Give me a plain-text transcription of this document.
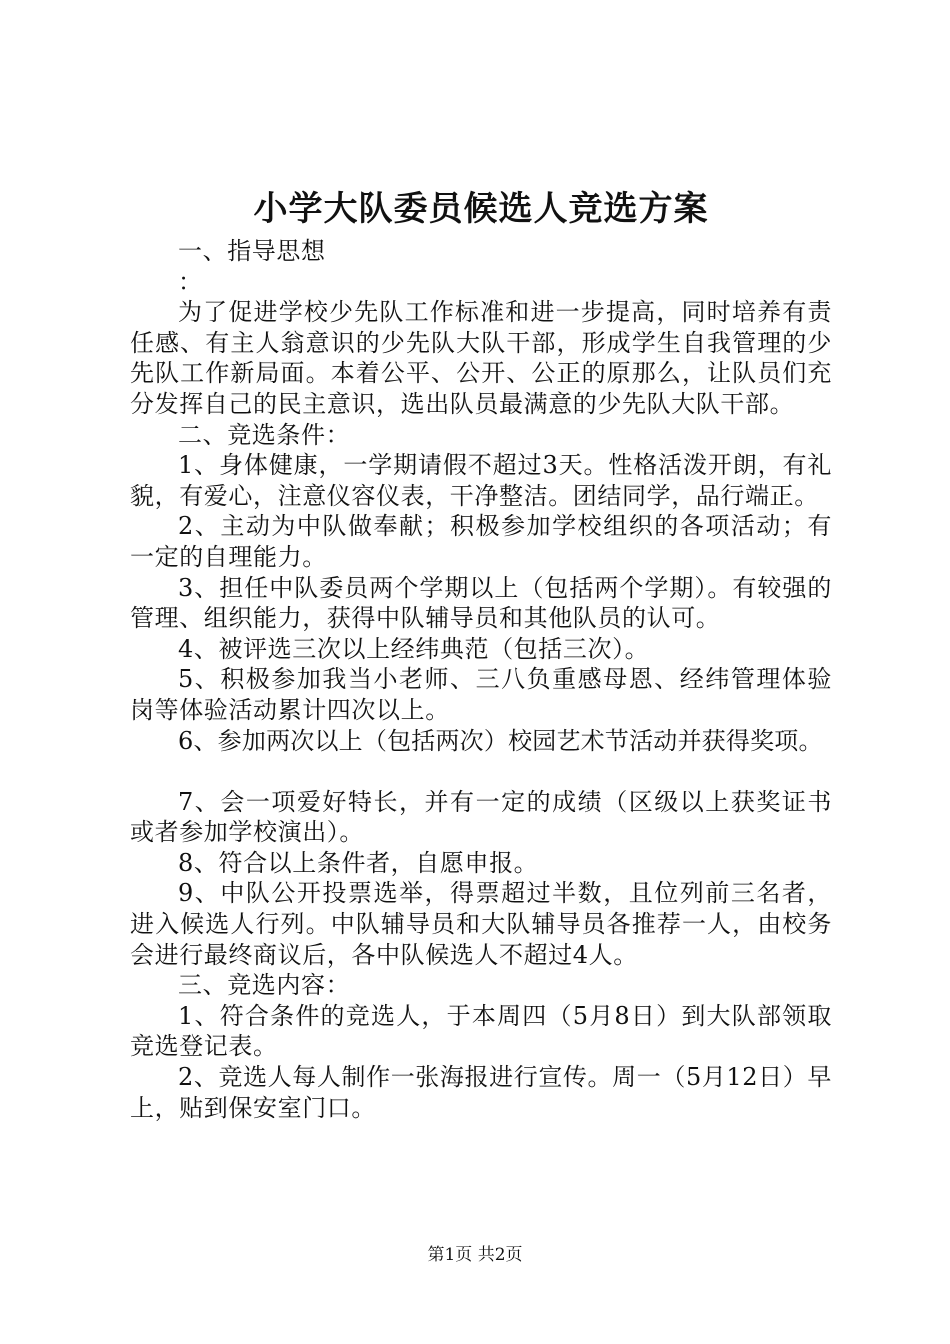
小学大队委员候选人竞选方案

一、指导思想

：

为了促进学校少先队工作标准和进一步提高，同时培养有责任感、有主人翁意识的少先队大队干部，形成学生自我管理的少先队工作新局面。本着公平、公开、公正的原那么，让队员们充分发挥自己的民主意识，选出队员最满意的少先队大队干部。

二、竞选条件：

1、身体健康，一学期请假不超过3天。性格活泼开朗，有礼貌，有爱心，注意仪容仪表，干净整洁。团结同学，品行端正。

2、主动为中队做奉献；积极参加学校组织的各项活动；有一定的自理能力。

3、担任中队委员两个学期以上（包括两个学期）。有较强的管理、组织能力，获得中队辅导员和其他队员的认可。

4、被评选三次以上经纬典范（包括三次）。

5、积极参加我当小老师、三八负重感母恩、经纬管理体验岗等体验活动累计四次以上。

6、参加两次以上（包括两次）校园艺术节活动并获得奖项。

7、会一项爱好特长，并有一定的成绩（区级以上获奖证书或者参加学校演出）。

8、符合以上条件者，自愿申报。

9、中队公开投票选举，得票超过半数，且位列前三名者，进入候选人行列。中队辅导员和大队辅导员各推荐一人，由校务会进行最终商议后，各中队候选人不超过4人。

三、竞选内容：

1、符合条件的竞选人，于本周四（5月8日）到大队部领取竞选登记表。

2、竞选人每人制作一张海报进行宣传。周一（5月12日）早上，贴到保安室门口。

第1页 共2页
